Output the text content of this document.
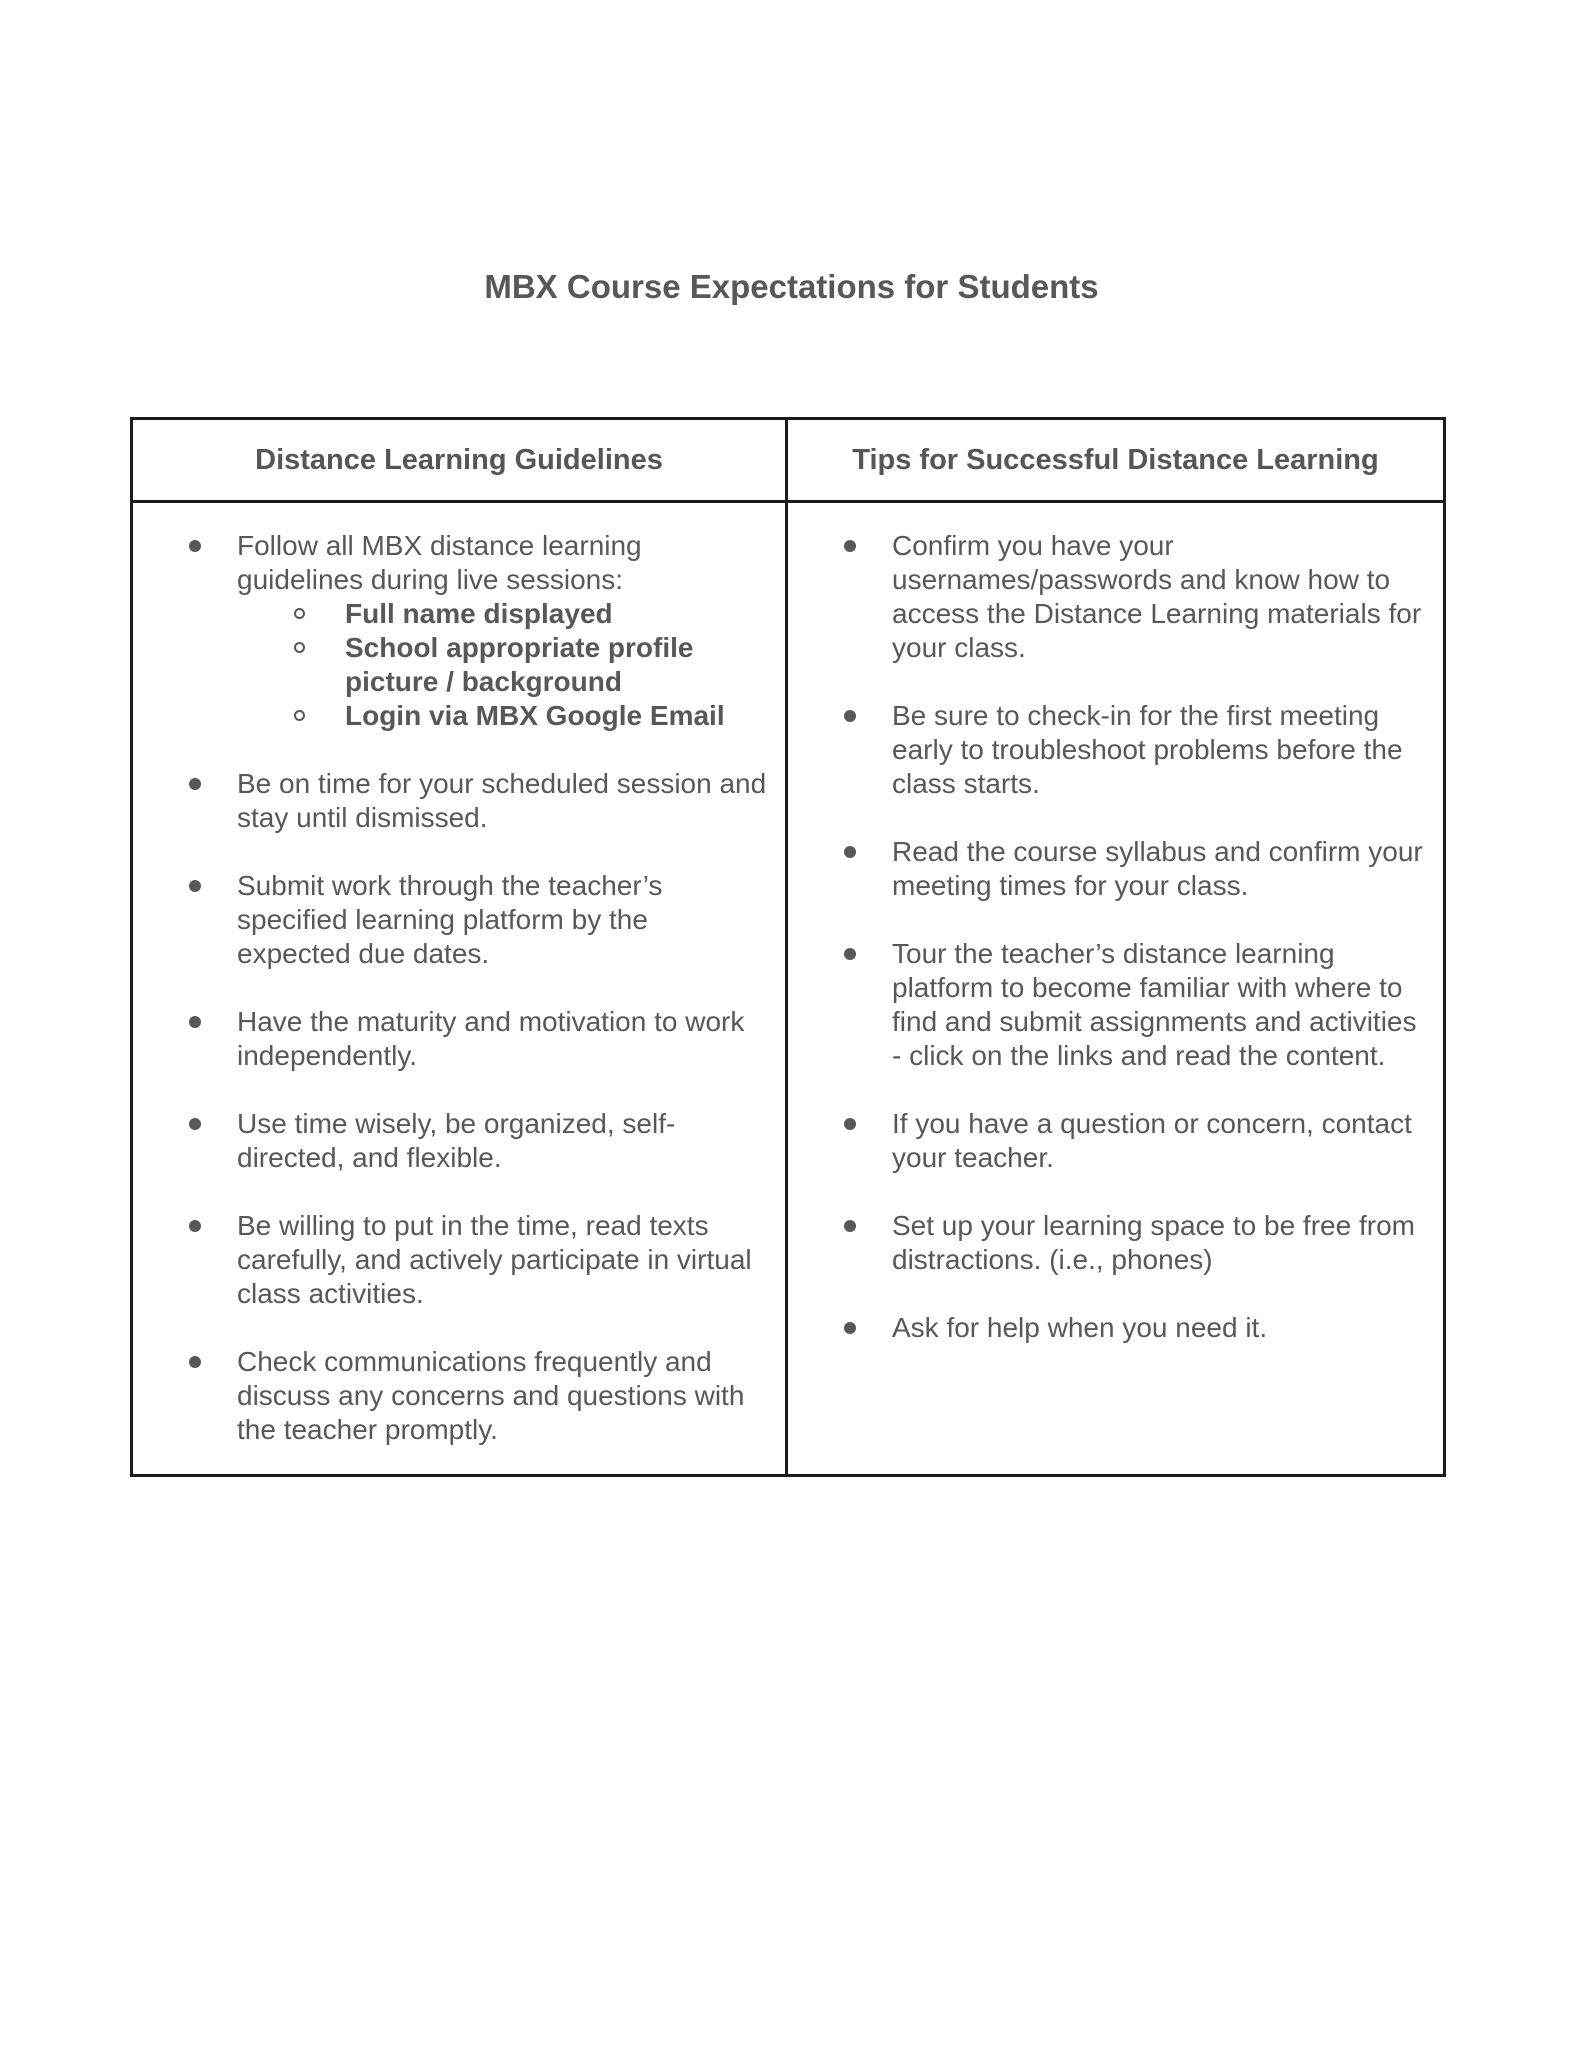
MBX Course Expectations for Students
Distance Learning Guidelines	Tips for Successful Distance Learning
Follow all MBX distance learning guidelines during live sessions:
Full name displayed
School appropriate profile picture / background
Login via MBX Google Email
Be on time for your scheduled session and stay until dismissed.
Submit work through the teacher’s specified learning platform by the expected due dates.
Have the maturity and motivation to work independently.
Use time wisely, be organized, self-directed, and flexible.
Be willing to put in the time, read texts carefully, and actively participate in virtual class activities.
Check communications frequently and discuss any concerns and questions with the teacher promptly.
Confirm you have your usernames/passwords and know how to access the Distance Learning materials for your class.
Be sure to check-in for the first meeting early to troubleshoot problems before the class starts.
Read the course syllabus and confirm your meeting times for your class.
Tour the teacher’s distance learning platform to become familiar with where to find and submit assignments and activities - click on the links and read the content.
If you have a question or concern, contact your teacher.
Set up your learning space to be free from distractions. (i.e., phones)
Ask for help when you need it.
